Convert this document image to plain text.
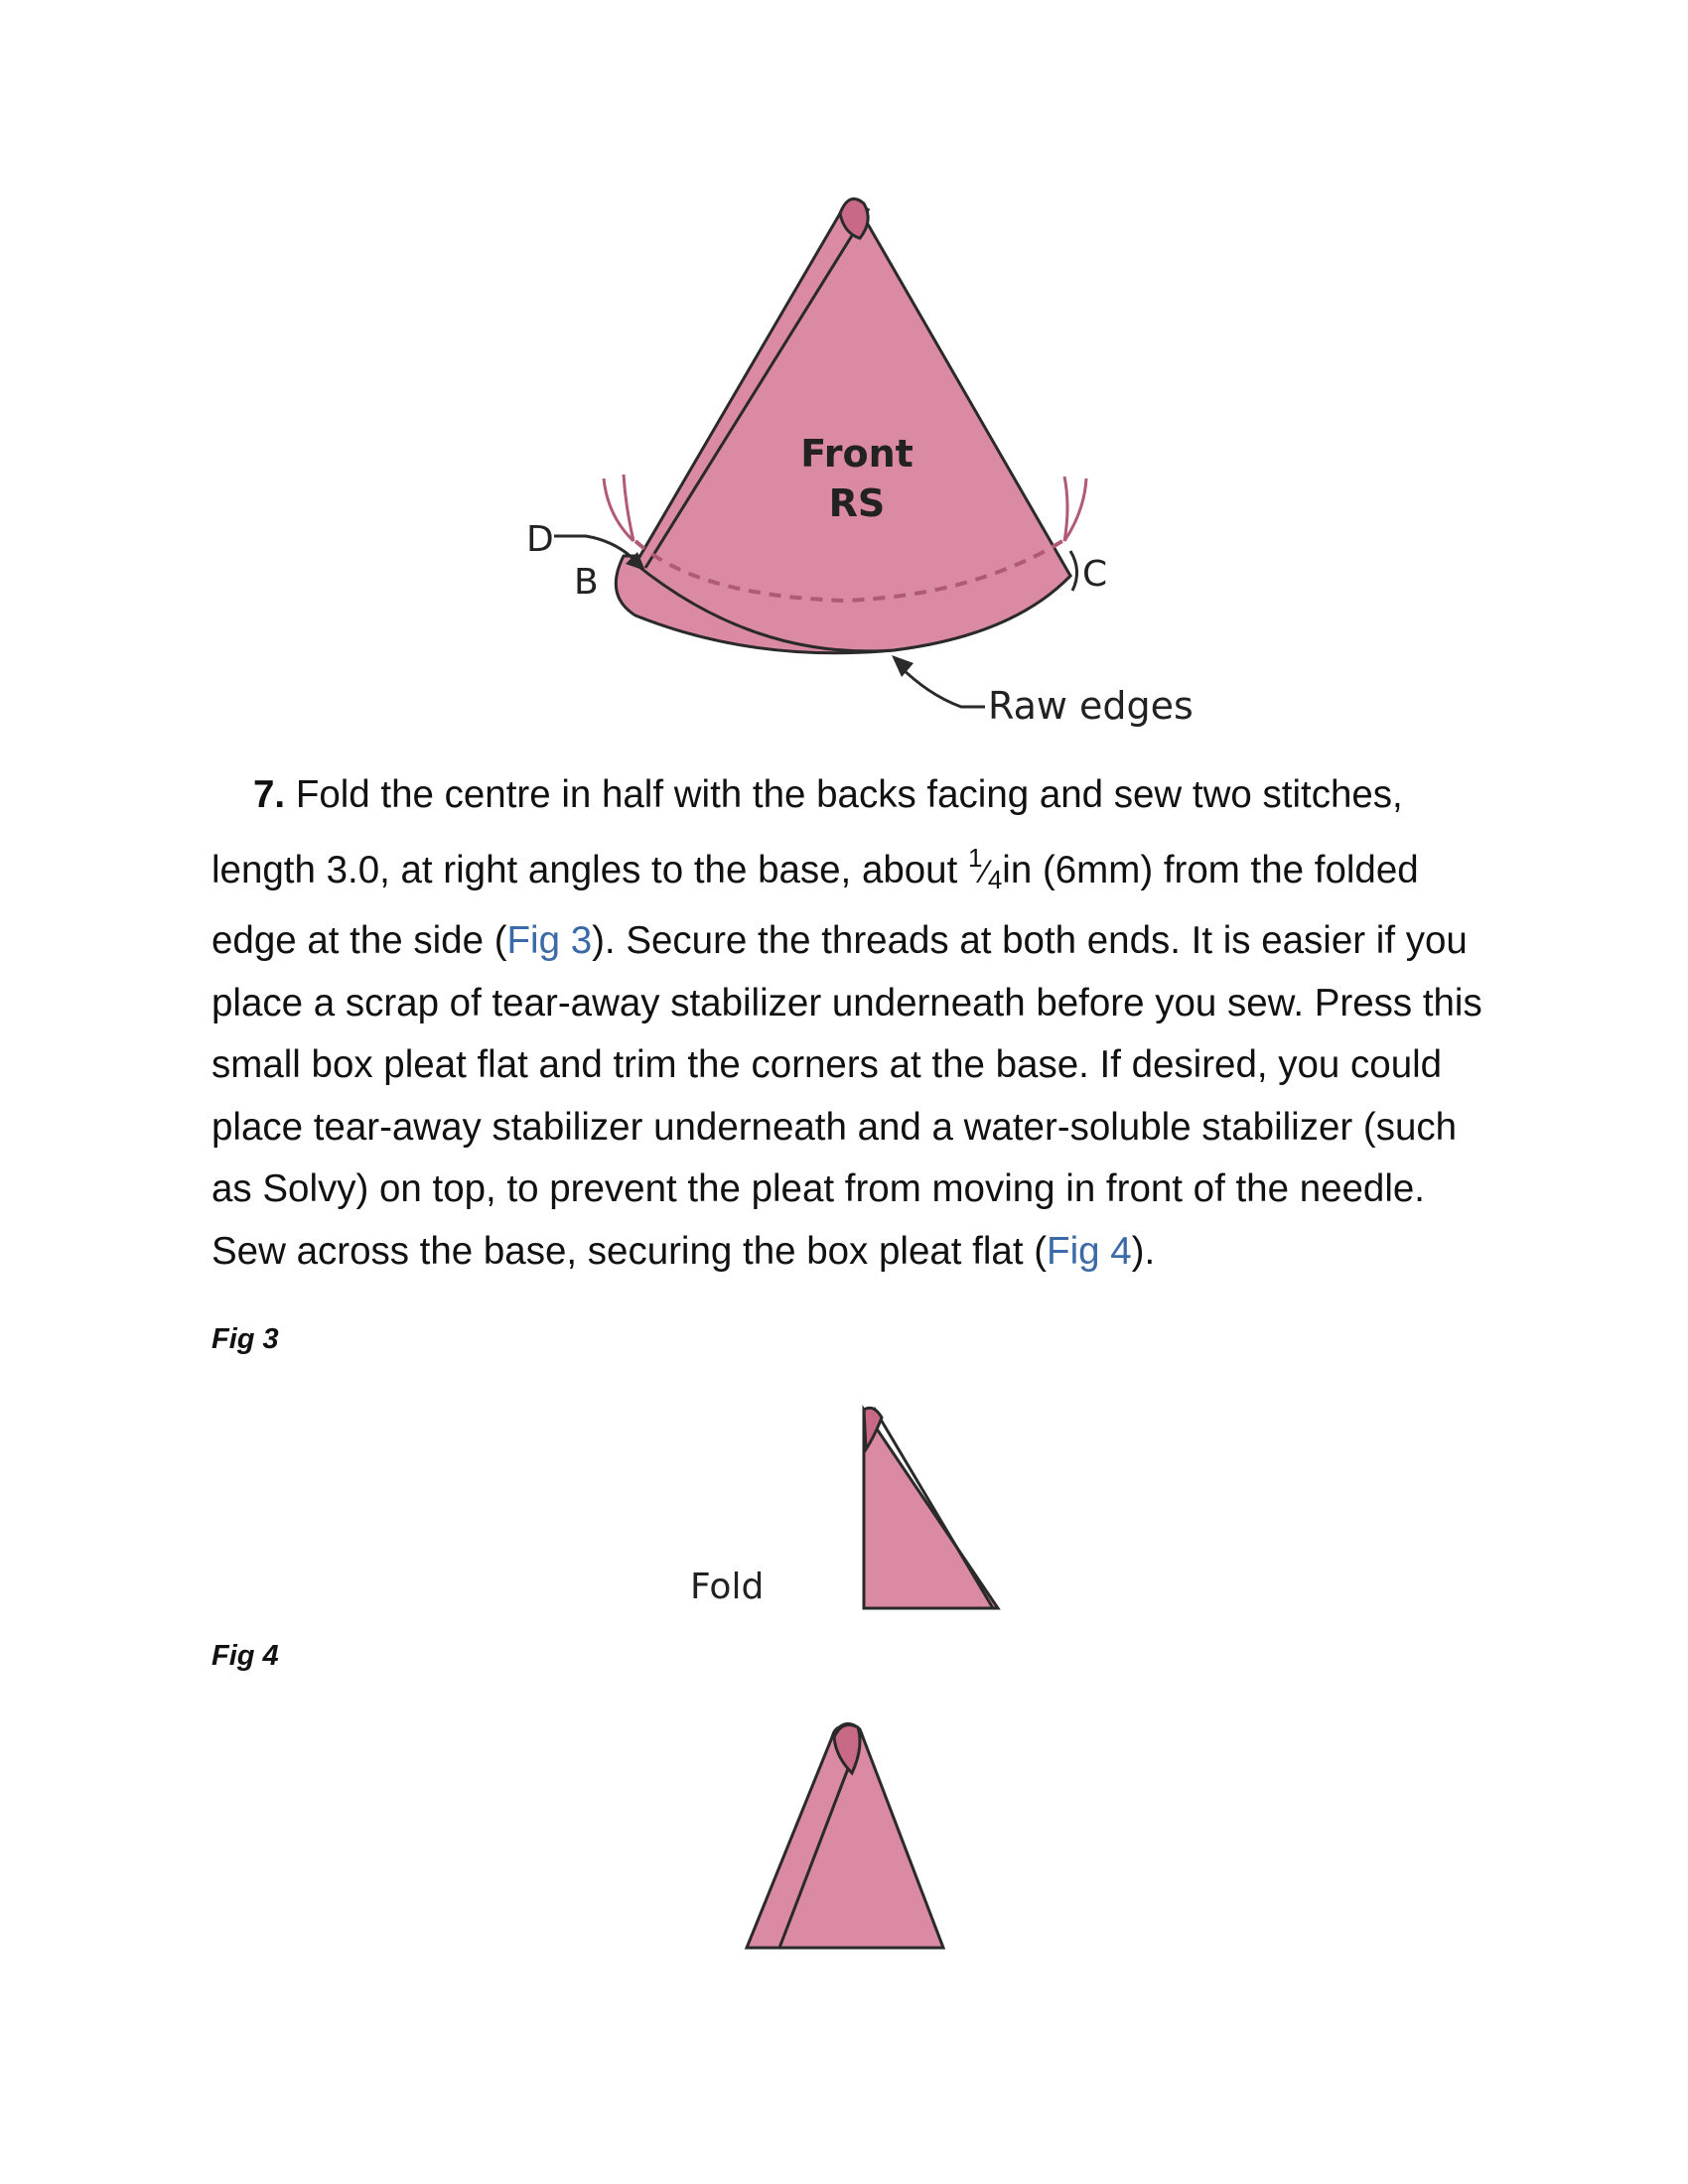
Front
RS
D
B	C
Raw edges
7. Fold the centre in half with the backs facing and sew two stitches, length 3.0, at right angles to the base, about $^1⁄_4in$ (6mm) from the folded edge at the side (Fig 3). Secure the threads at both ends. It is easier if you place a scrap of tear-away stabilizer underneath before you sew. Press this small box pleat flat and trim the corners at the base. If desired, you could place tear-away stabilizer underneath and a water-soluble stabilizer (such as Solvy) on top, to prevent the pleat from moving in front of the needle. Sew across the base, securing the box pleat flat (Fig 4).
Fig 3
Fold
Fig 4
